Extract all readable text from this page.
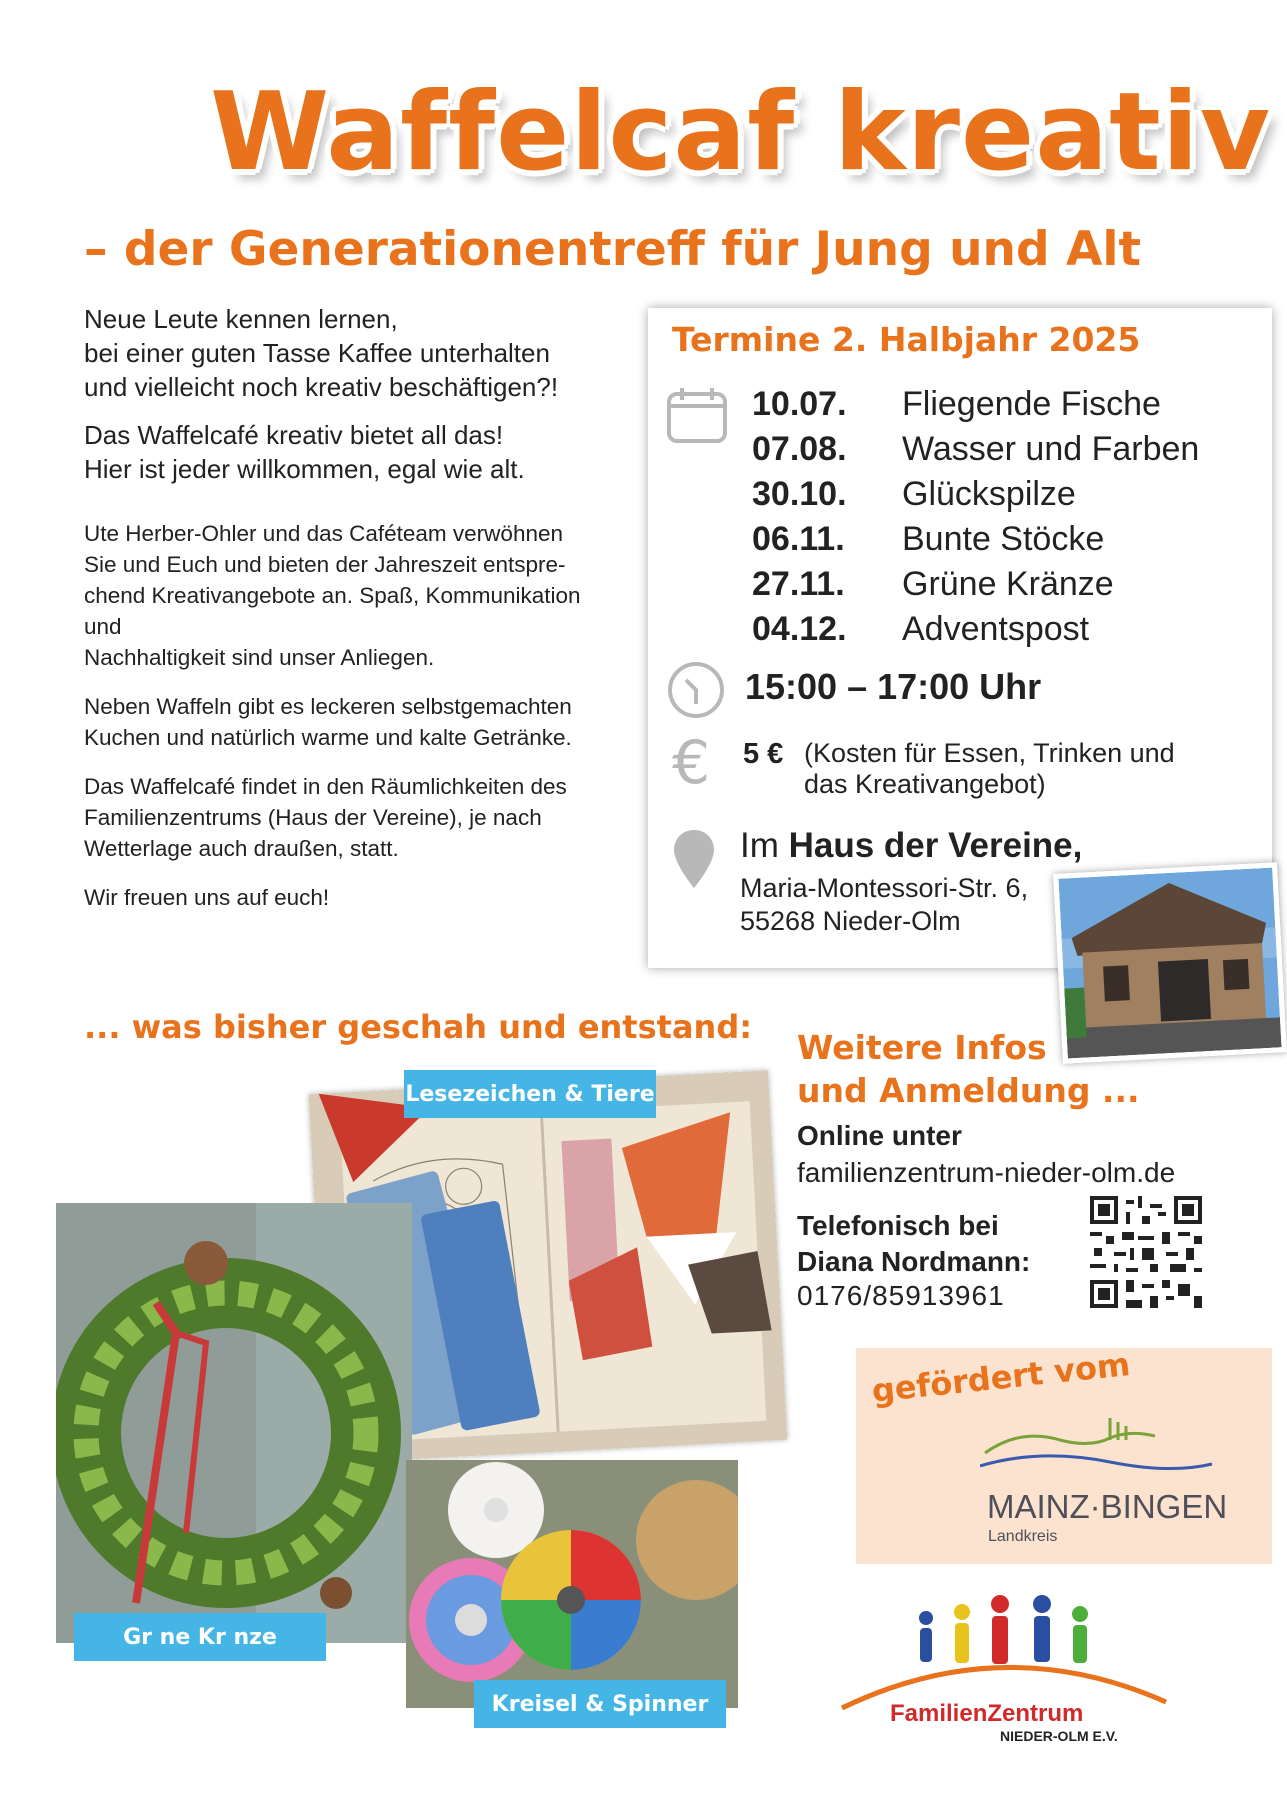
Waffelcaf kreativ
– der Generationentreff für Jung und Alt

Neue Leute kennen lernen,
bei einer guten Tasse Kaffee unterhalten
und vielleicht noch kreativ beschäftigen?!

Das Waffelcafé kreativ bietet all das!
Hier ist jeder willkommen, egal wie alt.

Ute Herber-Ohler und das Caféteam verwöhnen
Sie und Euch und bieten der Jahreszeit entspre-
chend Kreativangebote an. Spaß, Kommunikation
und
Nachhaltigkeit sind unser Anliegen.

Neben Waffeln gibt es leckeren selbstgemachten
Kuchen und natürlich warme und kalte Getränke.

Das Waffelcafé findet in den Räumlichkeiten des
Familienzentrums (Haus der Vereine), je nach
Wetterlage auch draußen, statt.

Wir freuen uns auf euch!

Termine 2. Halbjahr 2025
10.07.	Fliegende Fische
07.08.	Wasser und Farben
30.10.	Glückspilze
06.11.	Bunte Stöcke
27.11.	Grüne Kränze
04.12.	Adventspost
15:00 – 17:00 Uhr
€ 5 € (Kosten für Essen, Trinken und
das Kreativangebot)
Im Haus der Vereine,
Maria-Montessori-Str. 6,
55268 Nieder-Olm
... was bisher geschah und entstand:
Lesezeichen & Tiere
Gr ne Kr nze
Kreisel & Spinner
Weitere Infos
und Anmeldung ...
Online unter
familienzentrum-nieder-olm.de
Telefonisch bei
Diana Nordmann:
0176/85913961
gefördert vom
MAINZ·BINGEN
Landkreis
FamilienZentrum
NIEDER-OLM E.V.
